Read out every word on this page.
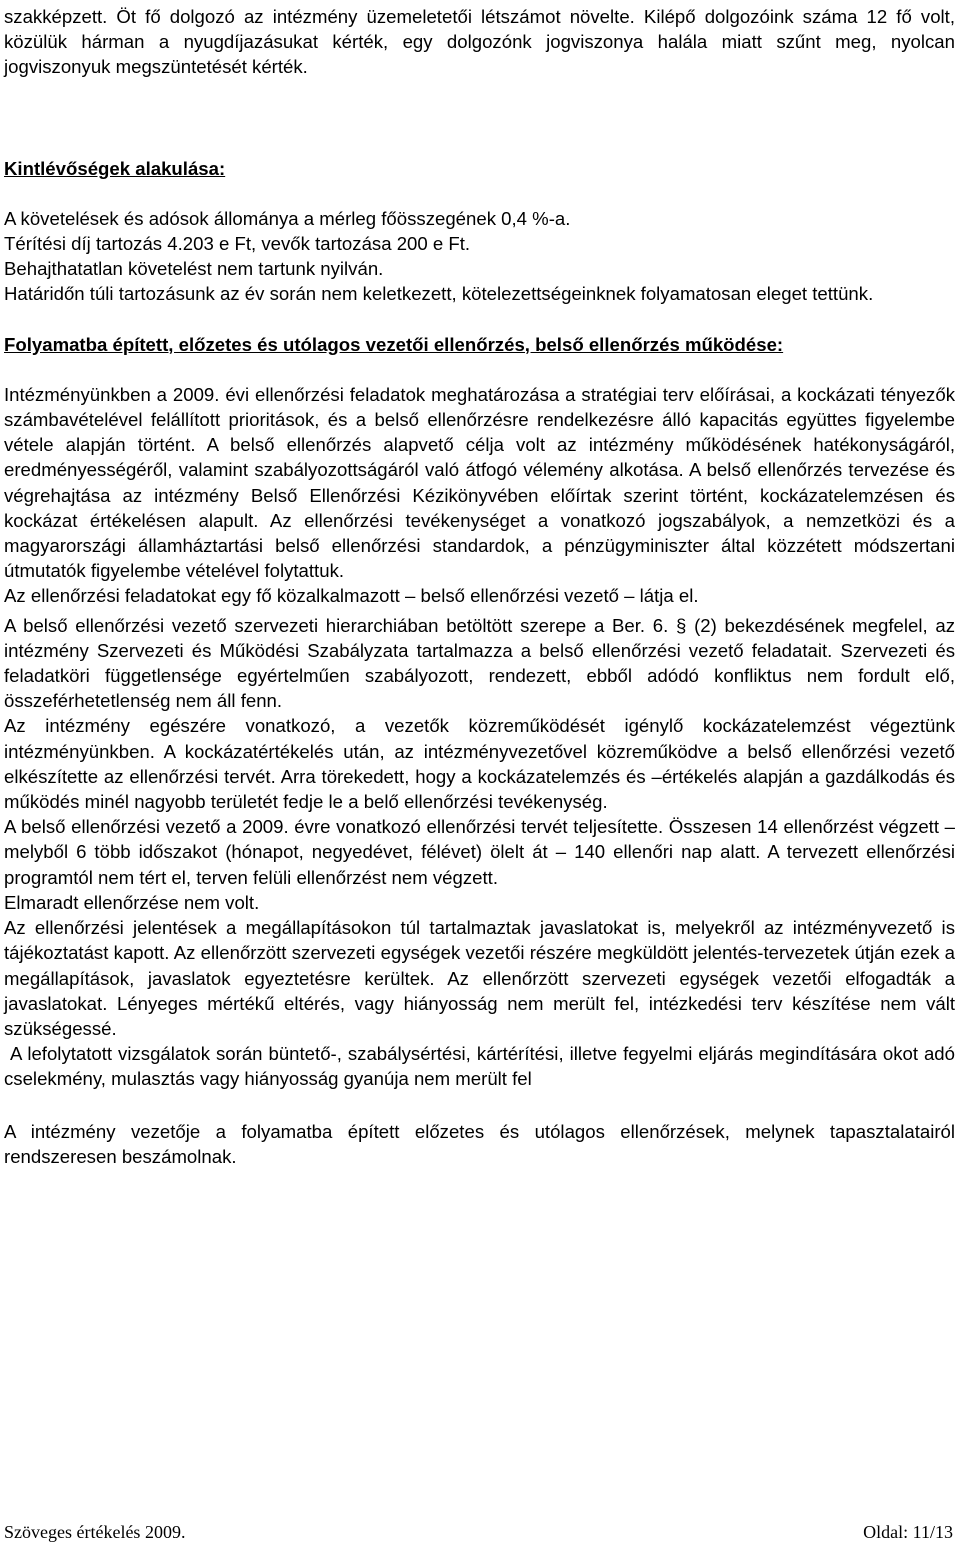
szakképzett. Öt fő dolgozó az intézmény üzemeletetői létszámot növelte. Kilépő dolgozóink száma 12 fő volt, közülük hárman a nyugdíjazásukat kérték, egy dolgozónk jogviszonya halála miatt szűnt meg, nyolcan jogviszonyuk megszüntetését kérték.

Kintlévőségek alakulása:

A követelések és adósok állománya a mérleg főösszegének 0,4 %-a.

Térítési díj tartozás 4.203 e Ft, vevők tartozása 200 e Ft.

Behajthatatlan követelést nem tartunk nyilván.

Határidőn túli tartozásunk az év során nem keletkezett, kötelezettségeinknek folyamatosan eleget tettünk.

Folyamatba épített, előzetes és utólagos vezetői ellenőrzés, belső ellenőrzés működése:

Intézményünkben a 2009. évi ellenőrzési feladatok meghatározása a stratégiai terv előírásai, a kockázati tényezők számbavételével felállított prioritások, és a belső ellenőrzésre rendelkezésre álló kapacitás együttes figyelembe vétele alapján történt. A belső ellenőrzés alapvető célja volt az intézmény működésének hatékonyságáról, eredményességéről, valamint szabályozottságáról való átfogó vélemény alkotása. A belső ellenőrzés tervezése és végrehajtása az intézmény Belső Ellenőrzési Kézikönyvében előírtak szerint történt, kockázatelemzésen és kockázat értékelésen alapult. Az ellenőrzési tevékenységet a vonatkozó jogszabályok, a nemzetközi és a magyarországi államháztartási belső ellenőrzési standardok, a pénzügyminiszter által közzétett módszertani útmutatók figyelembe vételével folytattuk.

Az ellenőrzési feladatokat egy fő közalkalmazott – belső ellenőrzési vezető – látja el.

A belső ellenőrzési vezető szervezeti hierarchiában betöltött szerepe a Ber. 6. § (2) bekezdésének megfelel, az intézmény Szervezeti és Működési Szabályzata tartalmazza a belső ellenőrzési vezető feladatait. Szervezeti és feladatköri függetlensége egyértelműen szabályozott, rendezett, ebből adódó konfliktus nem fordult elő, összeférhetetlenség nem áll fenn.

Az intézmény egészére vonatkozó, a vezetők közreműködését igénylő kockázatelemzést végeztünk intézményünkben. A kockázatértékelés után, az intézményvezetővel közreműködve a belső ellenőrzési vezető elkészítette az ellenőrzési tervét. Arra törekedett, hogy a kockázatelemzés és –értékelés alapján a gazdálkodás és működés minél nagyobb területét fedje le a belő ellenőrzési tevékenység.

A belső ellenőrzési vezető a 2009. évre vonatkozó ellenőrzési tervét teljesítette. Összesen 14 ellenőrzést végzett – melyből 6 több időszakot (hónapot, negyedévet, félévet) ölelt át – 140 ellenőri nap alatt. A tervezett ellenőrzési programtól nem tért el, terven felüli ellenőrzést nem végzett.

Elmaradt ellenőrzése nem volt.

Az ellenőrzési jelentések a megállapításokon túl tartalmaztak javaslatokat is, melyekről az intézményvezető is tájékoztatást kapott. Az ellenőrzött szervezeti egységek vezetői részére megküldött jelentés-tervezetek útján ezek a megállapítások, javaslatok egyeztetésre kerültek. Az ellenőrzött szervezeti egységek vezetői elfogadták a javaslatokat. Lényeges mértékű eltérés, vagy hiányosság nem merült fel, intézkedési terv készítése nem vált szükségessé.

A lefolytatott vizsgálatok során büntető-, szabálysértési, kártérítési, illetve fegyelmi eljárás megindítására okot adó cselekmény, mulasztás vagy hiányosság gyanúja nem merült fel

A intézmény vezetője a folyamatba épített előzetes és utólagos ellenőrzések, melynek tapasztalatairól rendszeresen beszámolnak.

Szöveges értékelés 2009.	Oldal: 11/13
